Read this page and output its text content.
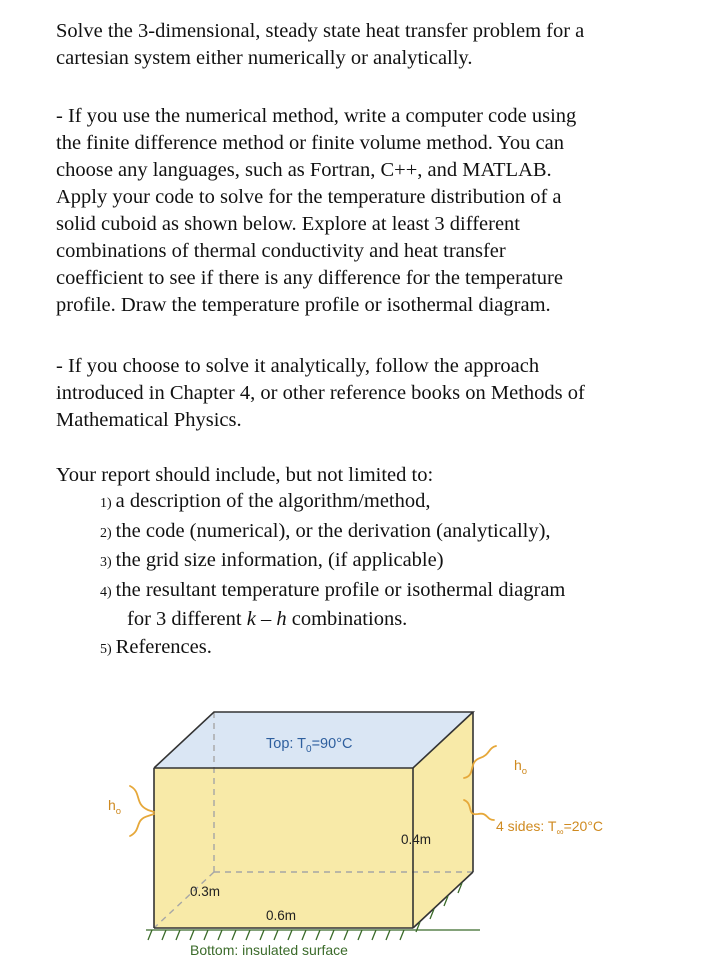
Solve the 3-dimensional, steady state heat transfer problem for a
cartesian system either numerically or analytically.

- If you use the numerical method, write a computer code using
the finite difference method or finite volume method. You can
choose any languages, such as Fortran, C++, and MATLAB.
Apply your code to solve for the temperature distribution of a
solid cuboid as shown below. Explore at least 3 different
combinations of thermal conductivity and heat transfer
coefficient to see if there is any difference for the temperature
profile. Draw the temperature profile or isothermal diagram.

- If you choose to solve it analytically, follow the approach
introduced in Chapter 4, or other reference books on Methods of
Mathematical Physics.

Your report should include, but not limited to:

1) a description of the algorithm/method,
2) the code (numerical), or the derivation (analytically),
3) the grid size information, (if applicable)
4) the resultant temperature profile or isothermal diagram
for 3 different k – h combinations.
5) References.
Top: $T_0=90^\circ C$
$h_o$
$h_o$
4 sides: $T_\infty=20^\circ C$
0.4m
0.3m
0.6m
Bottom: insulated surface
